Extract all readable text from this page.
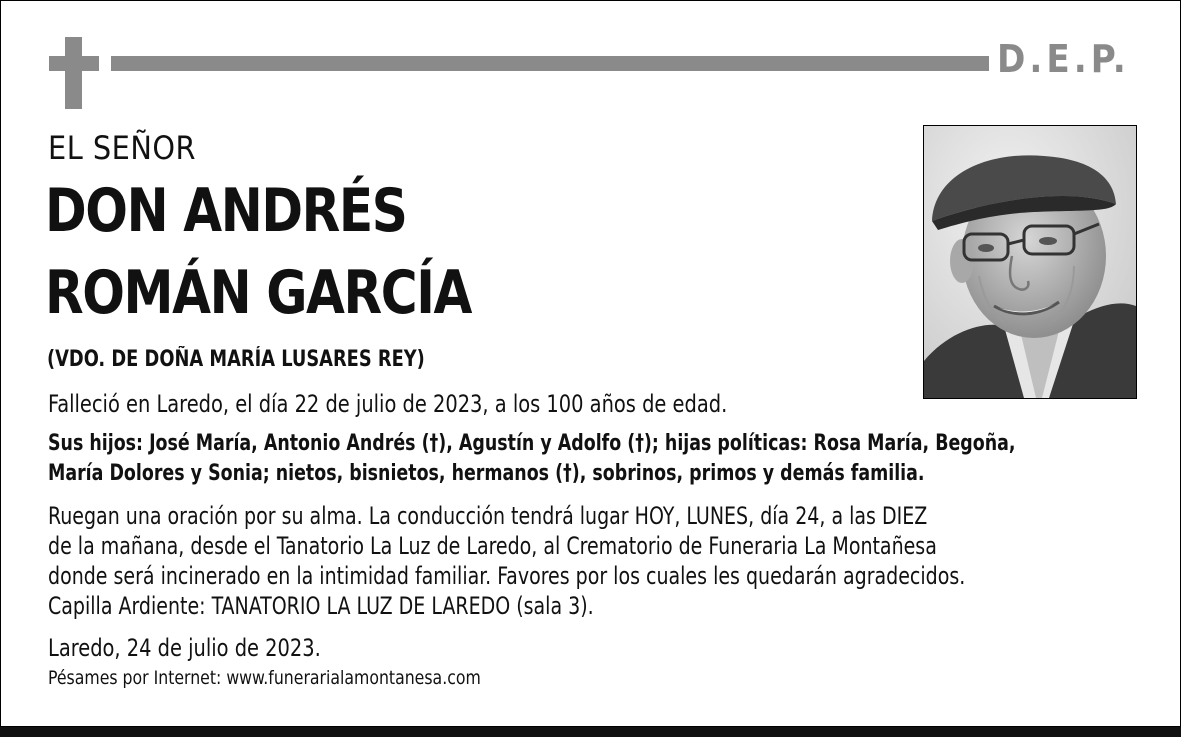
D.E.P.
EL SEÑOR
DON ANDRÉS
ROMÁN GARCÍA
(VDO. DE DOÑA MARÍA LUSARES REY)
Falleció en Laredo, el día 22 de julio de 2023, a los 100 años de edad.
Sus hijos: José María, Antonio Andrés (†), Agustín y Adolfo (†); hijas políticas: Rosa María, Begoña,
María Dolores y Sonia; nietos, bisnietos, hermanos (†), sobrinos, primos y demás familia.
Ruegan una oración por su alma. La conducción tendrá lugar HOY, LUNES, día 24, a las DIEZ
de la mañana, desde el Tanatorio La Luz de Laredo, al Crematorio de Funeraria La Montañesa
donde será incinerado en la intimidad familiar. Favores por los cuales les quedarán agradecidos.
Capilla Ardiente: TANATORIO LA LUZ DE LAREDO (sala 3).
Laredo, 24 de julio de 2023.
Pésames por Internet: www.funerarialamontanesa.com
